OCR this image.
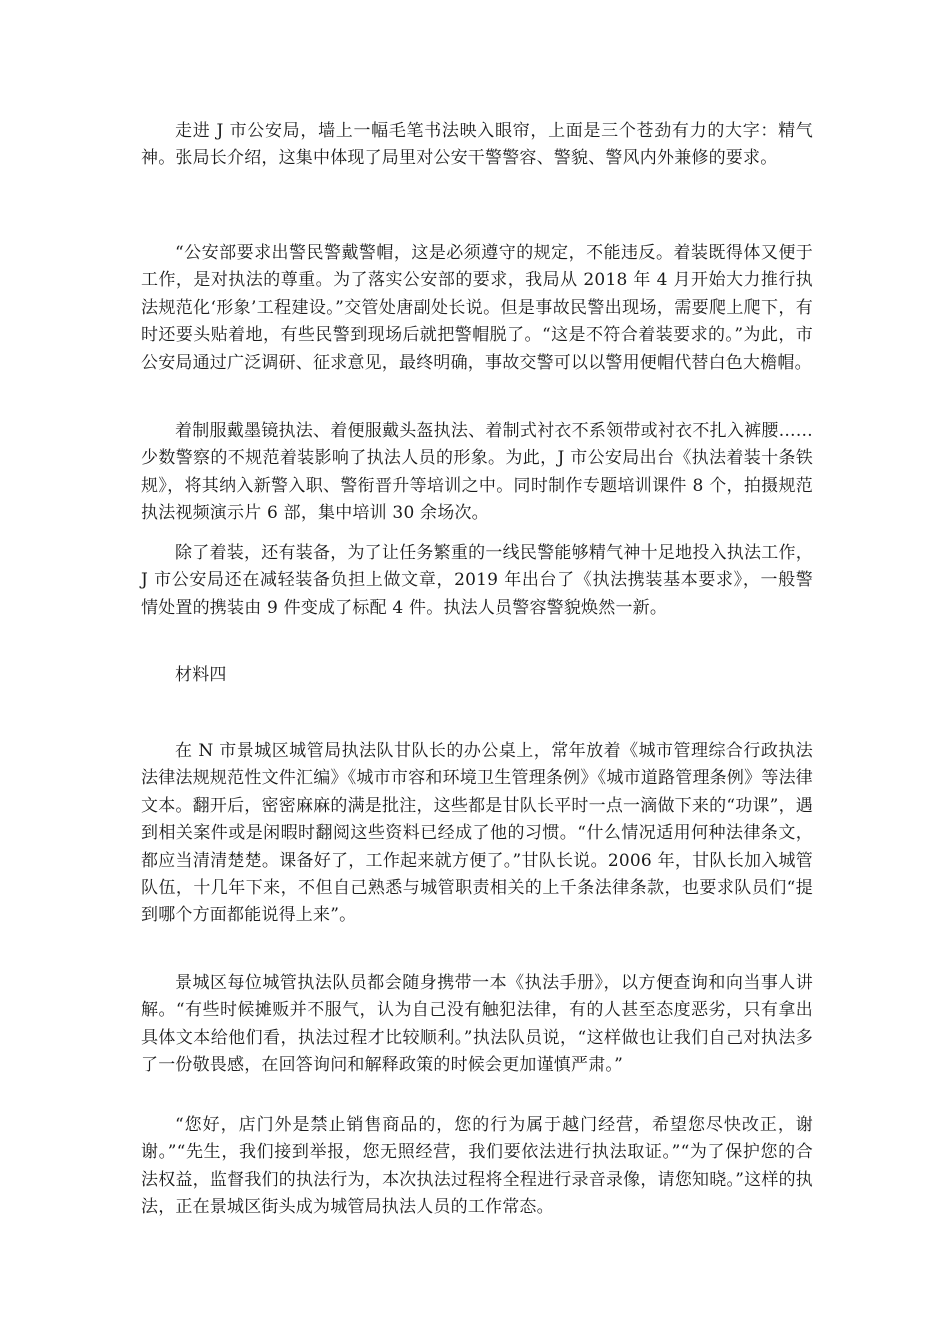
走进 J 市公安局，墙上一幅毛笔书法映入眼帘，上面是三个苍劲有力的大字：精气神。张局长介绍，这集中体现了局里对公安干警警容、警貌、警风内外兼修的要求。

“公安部要求出警民警戴警帽，这是必须遵守的规定，不能违反。着装既得体又便于工作，是对执法的尊重。为了落实公安部的要求，我局从 2018 年 4 月开始大力推行执法规范化‘形象’工程建设。”交管处唐副处长说。但是事故民警出现场，需要爬上爬下，有时还要头贴着地，有些民警到现场后就把警帽脱了。“这是不符合着装要求的。”为此，市公安局通过广泛调研、征求意见，最终明确，事故交警可以以警用便帽代替白色大檐帽。

着制服戴墨镜执法、着便服戴头盔执法、着制式衬衣不系领带或衬衣不扎入裤腰……少数警察的不规范着装影响了执法人员的形象。为此，J 市公安局出台《执法着装十条铁规》，将其纳入新警入职、警衔晋升等培训之中。同时制作专题培训课件 8 个，拍摄规范执法视频演示片 6 部，集中培训 30 余场次。

除了着装，还有装备，为了让任务繁重的一线民警能够精气神十足地投入执法工作，J 市公安局还在减轻装备负担上做文章，2019 年出台了《执法携装基本要求》，一般警情处置的携装由 9 件变成了标配 4 件。执法人员警容警貌焕然一新。

材料四

在 N 市景城区城管局执法队甘队长的办公桌上，常年放着《城市管理综合行政执法法律法规规范性文件汇编》《城市市容和环境卫生管理条例》《城市道路管理条例》等法律文本。翻开后，密密麻麻的满是批注，这些都是甘队长平时一点一滴做下来的“功课”，遇到相关案件或是闲暇时翻阅这些资料已经成了他的习惯。“什么情况适用何种法律条文，都应当清清楚楚。课备好了，工作起来就方便了。”甘队长说。2006 年，甘队长加入城管队伍，十几年下来，不但自己熟悉与城管职责相关的上千条法律条款，也要求队员们“提到哪个方面都能说得上来”。

景城区每位城管执法队员都会随身携带一本《执法手册》，以方便查询和向当事人讲解。“有些时候摊贩并不服气，认为自己没有触犯法律，有的人甚至态度恶劣，只有拿出具体文本给他们看，执法过程才比较顺利。”执法队员说，“这样做也让我们自己对执法多了一份敬畏感，在回答询问和解释政策的时候会更加谨慎严肃。”

“您好，店门外是禁止销售商品的，您的行为属于越门经营，希望您尽快改正，谢谢。”“先生，我们接到举报，您无照经营，我们要依法进行执法取证。”“为了保护您的合法权益，监督我们的执法行为，本次执法过程将全程进行录音录像，请您知晓。”这样的执法，正在景城区街头成为城管局执法人员的工作常态。
